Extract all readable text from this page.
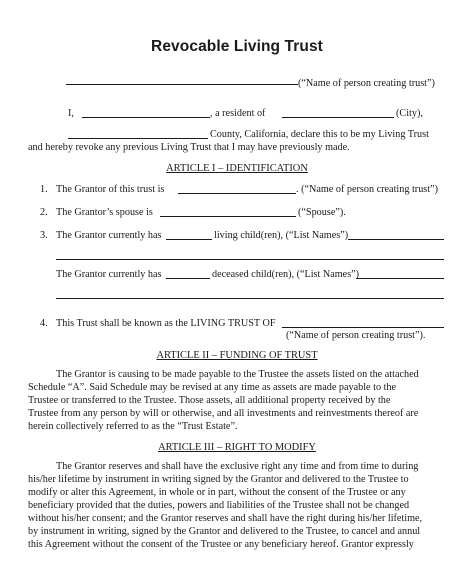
Revocable Living Trust
(“Name of person creating trust”)
I,	, a resident of	(City),
County, California, declare this to be my Living Trust
and hereby revoke any previous Living Trust that I may have previously made.
ARTICLE I – IDENTIFICATION
1. The Grantor of this trust is	. (“Name of person creating trust”)
2. The Grantor’s spouse is	(“Spouse”).
3. The Grantor currently has	living child(ren), (“List Names”)
The Grantor currently has	deceased child(ren), (“List Names”)
4. This Trust shall be known as the LIVING TRUST OF
(“Name of person creating trust”).
ARTICLE II – FUNDING OF TRUST
The Grantor is causing to be made payable to the Trustee the assets listed on the attached
Schedule “A”. Said Schedule may be revised at any time as assets are made payable to the
Trustee or transferred to the Trustee. Those assets, all additional property received by the
Trustee from any person by will or otherwise, and all investments and reinvestments thereof are
herein collectively referred to as the “Trust Estate”.
ARTICLE III – RIGHT TO MODIFY
The Grantor reserves and shall have the exclusive right any time and from time to during
his/her lifetime by instrument in writing signed by the Grantor and delivered to the Trustee to
modify or alter this Agreement, in whole or in part, without the consent of the Trustee or any
beneficiary provided that the duties, powers and liabilities of the Trustee shall not be changed
without his/her consent; and the Grantor reserves and shall have the right during his/her lifetime,
by instrument in writing, signed by the Grantor and delivered to the Trustee, to cancel and annul
this Agreement without the consent of the Trustee or any beneficiary hereof. Grantor expressly
